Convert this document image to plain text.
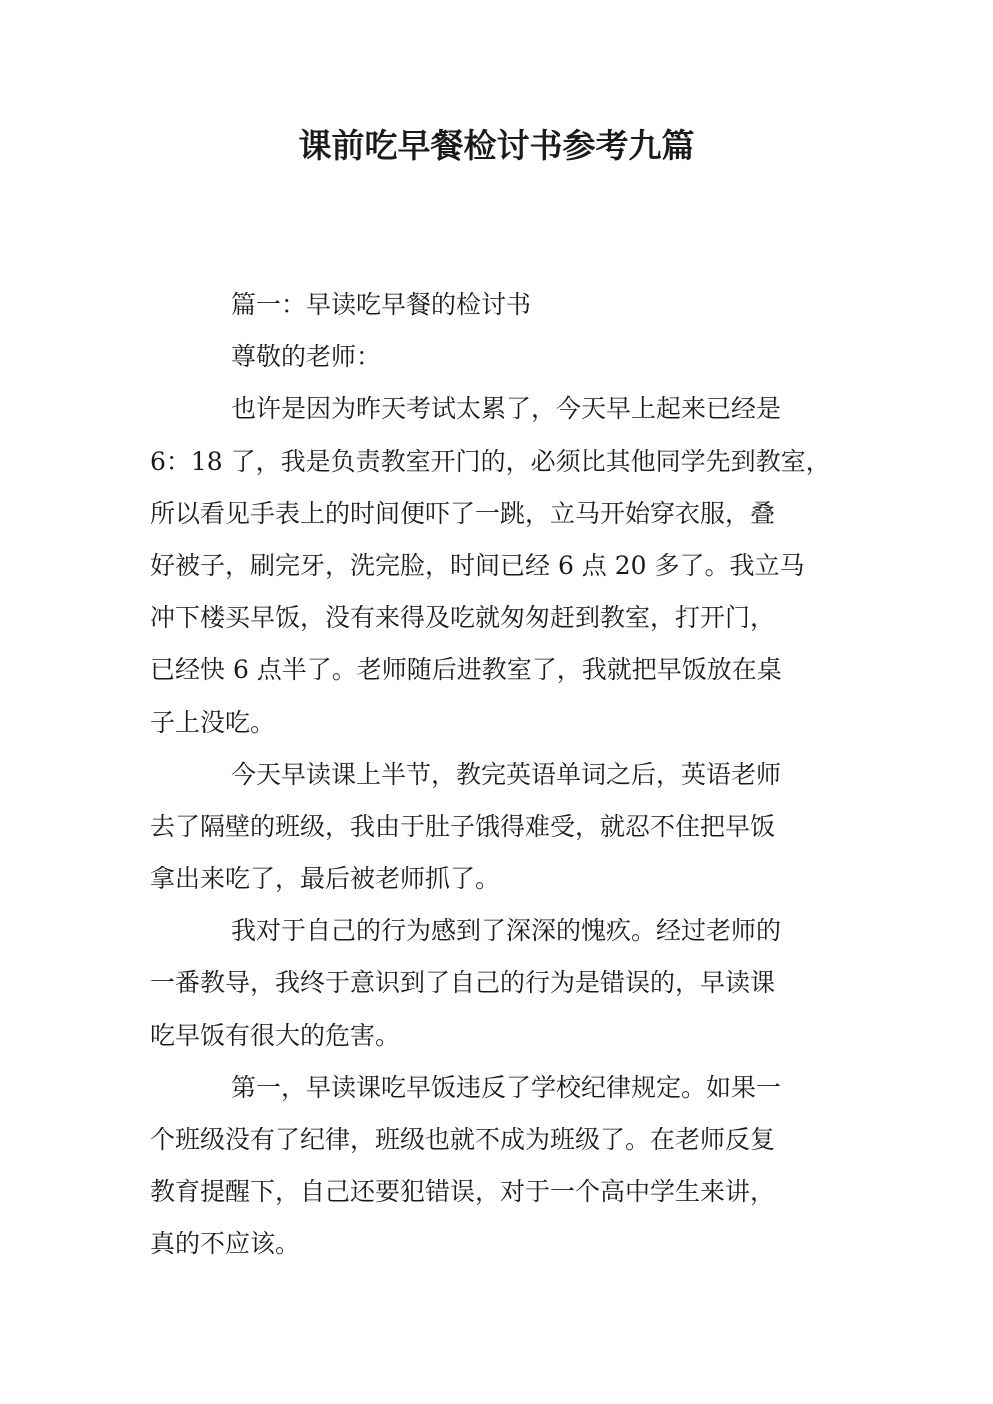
课前吃早餐检讨书参考九篇

篇一：早读吃早餐的检讨书

尊敬的老师：

也许是因为昨天考试太累了，今天早上起来已经是

6：18 了，我是负责教室开门的，必须比其他同学先到教室，

所以看见手表上的时间便吓了一跳，立马开始穿衣服，叠

好被子，刷完牙，洗完脸，时间已经 6 点 20 多了。我立马

冲下楼买早饭，没有来得及吃就匆匆赶到教室，打开门，

已经快 6 点半了。老师随后进教室了，我就把早饭放在桌

子上没吃。

今天早读课上半节，教完英语单词之后，英语老师

去了隔壁的班级，我由于肚子饿得难受，就忍不住把早饭

拿出来吃了，最后被老师抓了。

我对于自己的行为感到了深深的愧疚。经过老师的

一番教导，我终于意识到了自己的行为是错误的，早读课

吃早饭有很大的危害。

第一，早读课吃早饭违反了学校纪律规定。如果一

个班级没有了纪律，班级也就不成为班级了。在老师反复

教育提醒下，自己还要犯错误，对于一个高中学生来讲，

真的不应该。
